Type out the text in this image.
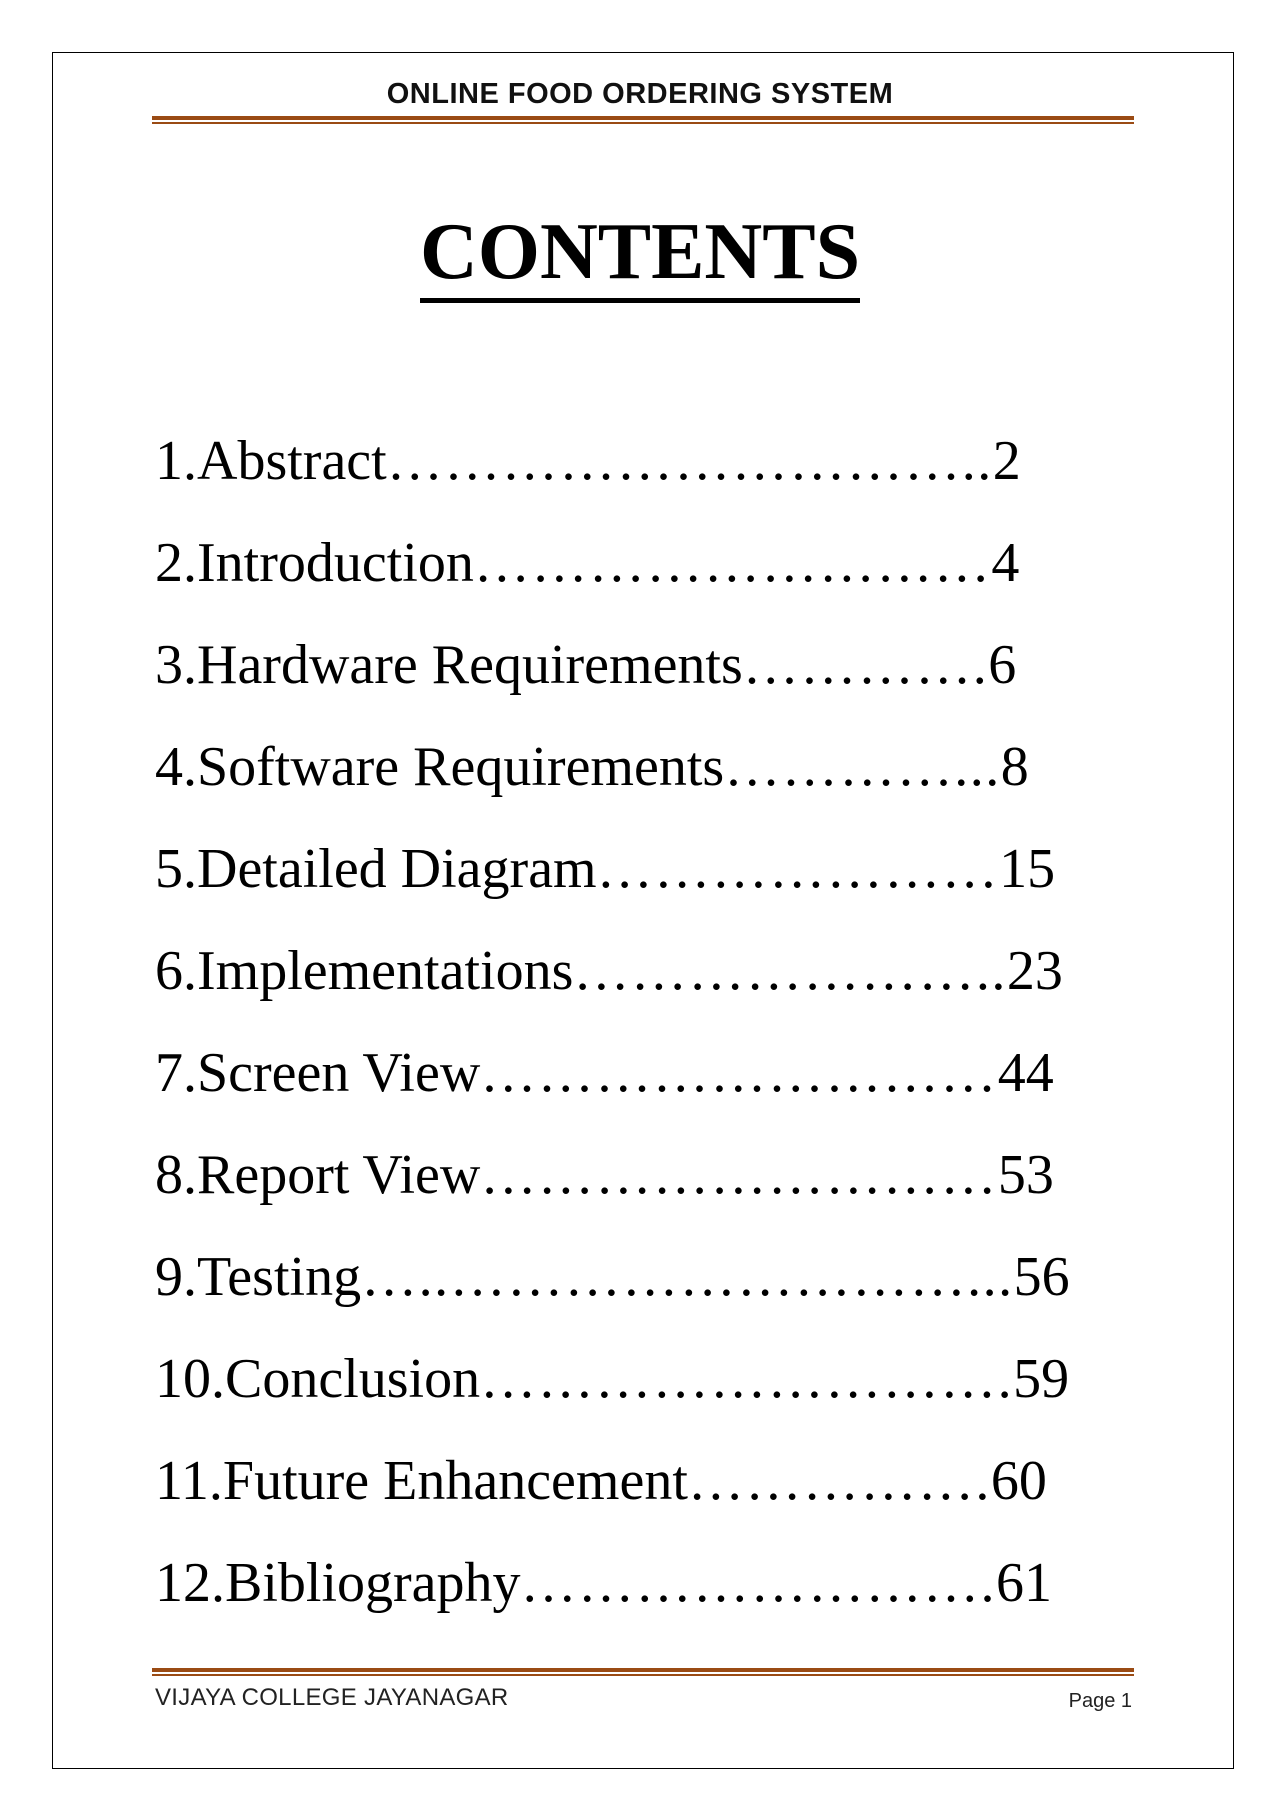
ONLINE FOOD ORDERING SYSTEM
CONTENTS
1.Abstract…………………………..2
2.Introduction………………………4
3.Hardware Requirements………….6
4.Software Requirements…………...8
5.Detailed Diagram…………………15
6.Implementations…………………..23
7.Screen View………………………44
8.Report View………………………53
9.Testing…..………………………...56
10.Conclusion……………………….59
11.Future Enhancement…………….60
12.Bibliography…………………….61
VIJAYA COLLEGE JAYANAGAR	Page 1
